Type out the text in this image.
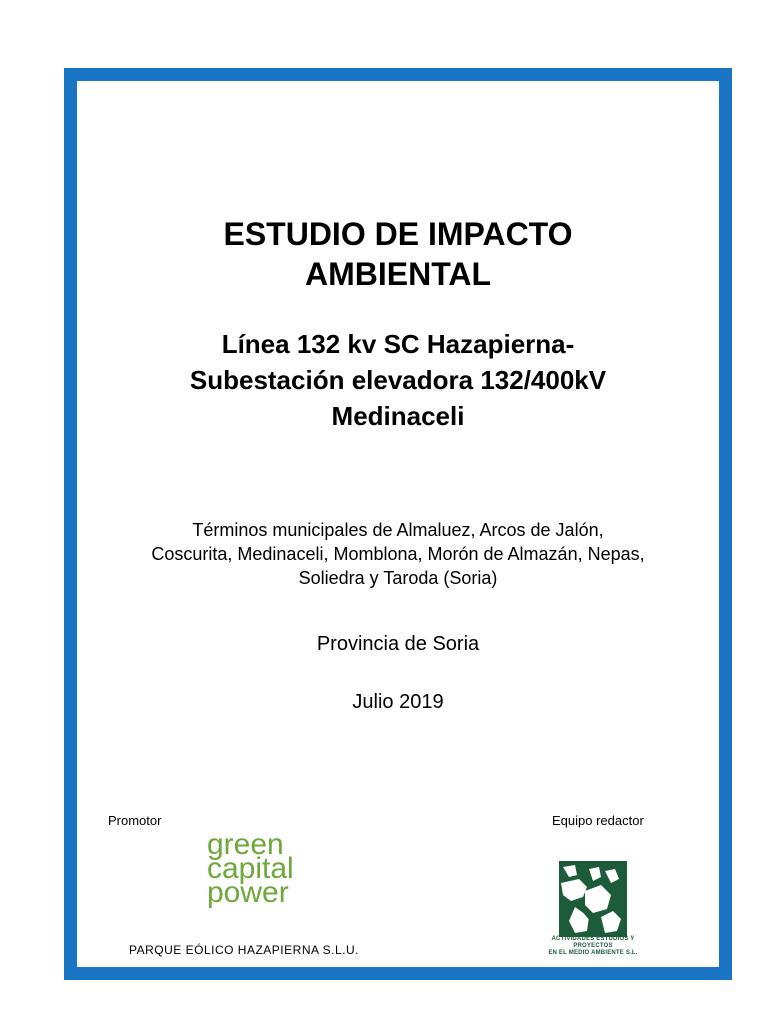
ESTUDIO DE IMPACTO
AMBIENTAL
Línea 132 kv SC Hazapierna-
Subestación elevadora 132/400kV
Medinaceli
Términos municipales de Almaluez, Arcos de Jalón,
Coscurita, Medinaceli, Momblona, Morón de Almazán, Nepas,
Soliedra y Taroda (Soria)
Provincia de Soria
Julio 2019
Promotor
green
capital
power
PARQUE EÓLICO HAZAPIERNA S.L.U.
Equipo redactor
ACTIVIDADES ESTUDIOS Y PROYECTOS
EN EL MEDIO AMBIENTE S.L.
